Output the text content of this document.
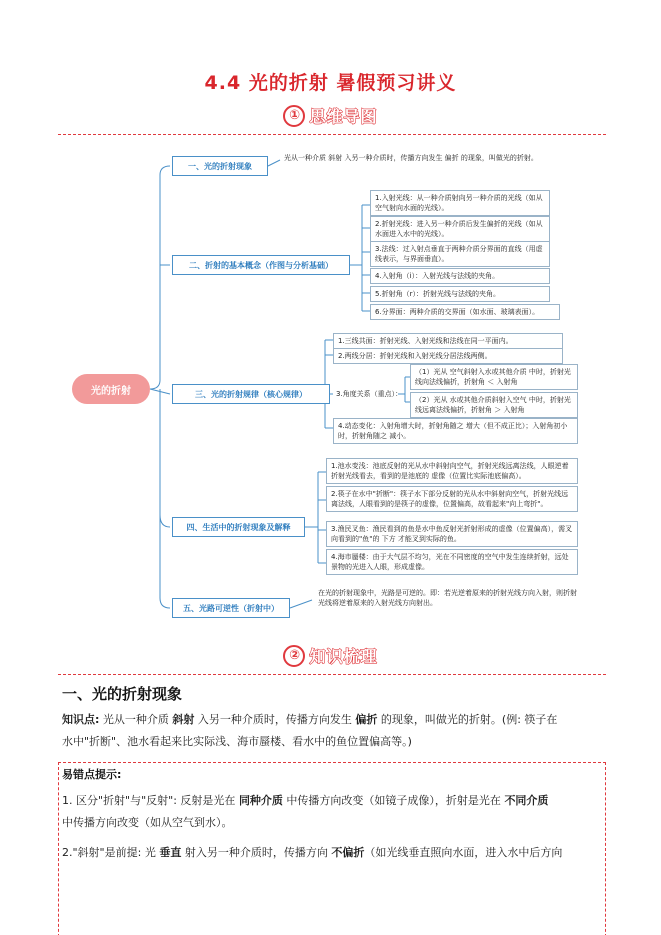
4.4 光的折射 暑假预习讲义
① 思维导图
光的折射
一、光的折射现象
二、折射的基本概念（作图与分析基础）
三、光的折射规律（核心规律）
四、生活中的折射现象及解释
五、光路可逆性（折射中）
光从一种介质 斜射 入另一种介质时，传播方向发生 偏折 的现象，叫做光的折射。
1.入射光线：从一种介质射向另一种介质的光线（如从空气射向水面的光线）。
2.折射光线：进入另一种介质后发生偏折的光线（如从水面进入水中的光线）。
3.法线：过入射点垂直于两种介质分界面的直线（用虚线表示，与界面垂直）。
4.入射角（i）：入射光线与法线的夹角。
5.折射角（r）：折射光线与法线的夹角。
6.分界面：两种介质的交界面（如水面、玻璃表面）。
1.三线共面：折射光线、入射光线和法线在同一平面内。
2.两线分居：折射光线和入射光线分居法线两侧。
3.角度关系（重点）：
（1）光从 空气斜射入水或其他介质 中时，折射光线向法线偏折，折射角 ＜ 入射角
（2）光从 水或其他介质斜射入空气 中时，折射光线远离法线偏折，折射角 ＞ 入射角
4.动态变化：入射角增大时，折射角随之 增大（但不成正比）；入射角初小时，折射角随之 减小。
1.池水变浅：池底反射的光从水中斜射向空气，折射光线远离法线，人眼逆着折射光线看去，看到的是池底的 虚像（位置比实际池底偏高）。
2.筷子在水中"折断"：筷子水下部分反射的光从水中斜射向空气，折射光线远离法线，人眼看到的是筷子的虚像，位置偏高，故看起来"向上弯折"。
3.渔民叉鱼：渔民看到的鱼是水中鱼反射光折射形成的虚像（位置偏高），需叉向看到的"鱼"的 下方 才能叉到实际的鱼。
4.海市蜃楼：由于大气层不均匀，光在不同密度的空气中发生连续折射，远处景物的光进入人眼，形成虚像。
在光的折射现象中，光路是可逆的。即：若光逆着原来的折射光线方向入射，则折射光线将逆着原来的入射光线方向射出。
② 知识梳理
一、光的折射现象
知识点: 光从一种介质 斜射 入另一种介质时，传播方向发生 偏折 的现象，叫做光的折射。(例: 筷子在
水中"折断"、池水看起来比实际浅、海市蜃楼、看水中的鱼位置偏高等。)
易错点提示:
1. 区分"折射"与"反射": 反射是光在 同种介质 中传播方向改变（如镜子成像），折射是光在 不同介质
中传播方向改变（如从空气到水）。
2."斜射"是前提: 光 垂直 射入另一种介质时，传播方向 不偏折（如光线垂直照向水面，进入水中后方向
